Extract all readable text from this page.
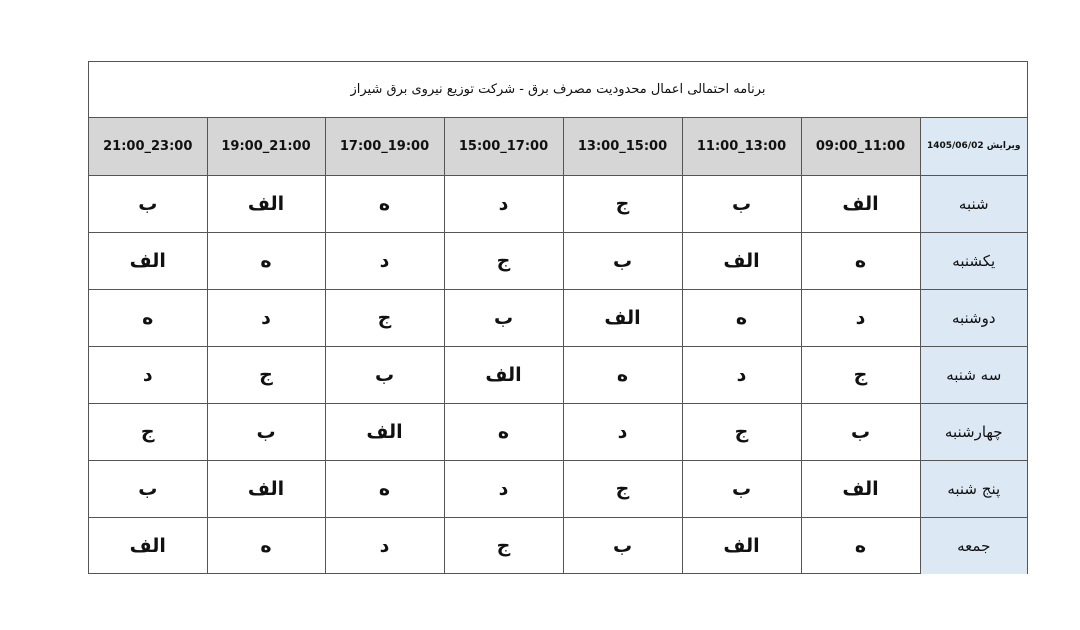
برنامه احتمالی اعمال محدودیت مصرف برق - شرکت توزیع نیروی برق شیراز
21:00_23:00	19:00_21:00	17:00_19:00	15:00_17:00	13:00_15:00	11:00_13:00	09:00_11:00	ویرایش 1405/06/02
ب	الف	ه	د	ج	ب	الف	شنبه
الف	ه	د	ج	ب	الف	ه	یکشنبه
ه	د	ج	ب	الف	ه	د	دوشنبه
د	ج	ب	الف	ه	د	ج	سه شنبه
ج	ب	الف	ه	د	ج	ب	چهارشنبه
ب	الف	ه	د	ج	ب	الف	پنج شنبه
الف	ه	د	ج	ب	الف	ه	جمعه
